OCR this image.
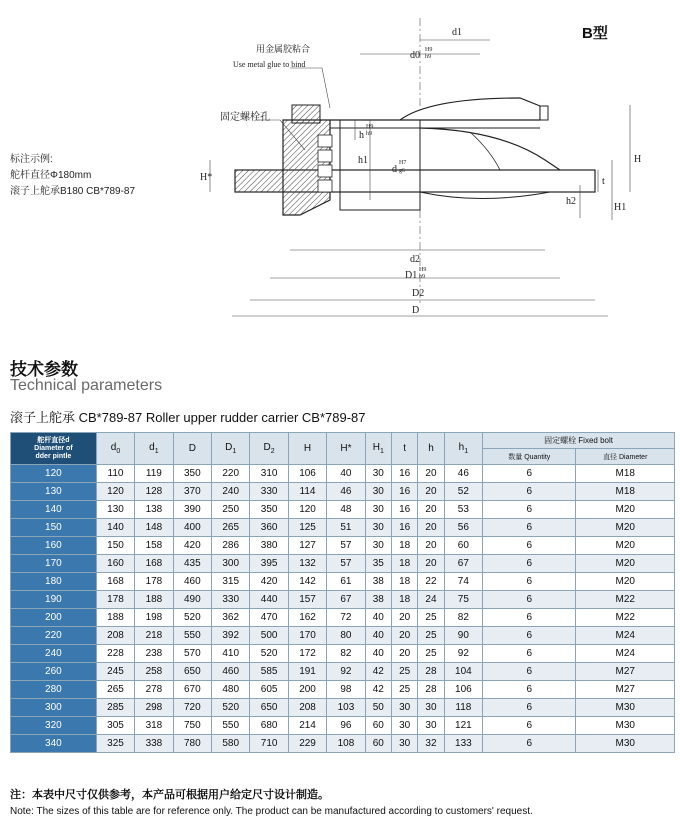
用金属胶粘合
Use metal glue to bind
固定螺栓孔
d1
d0 H9
h9
h
H9
h9
h1
d
H7
g6
H
H*	t
h2
H1
d2
D1 H9
h9
D2
D
B型
标注示例:
舵杆直径Φ180mm
滚子上舵承B180 CB*789-87
技术参数
Technical parameters
滚子上舵承 CB*789-87 Roller upper rudder carrier CB*789-87
舵杆直径d
Diameter of
dder pintle	$d_0$	$d_1$	D	$D_1$	$D_2$	H	H*	$H_1$	t	h	$h_1$	固定螺栓 Fixed bolt	
												数量 Quantity	直径 Diameter
120	110	119	350	220	310	106	40	30	16	20	46	6	M18
130	120	128	370	240	330	114	46	30	16	20	52	6	M18
140	130	138	390	250	350	120	48	30	16	20	53	6	M20
150	140	148	400	265	360	125	51	30	16	20	56	6	M20
160	150	158	420	286	380	127	57	30	18	20	60	6	M20
170	160	168	435	300	395	132	57	35	18	20	67	6	M20
180	168	178	460	315	420	142	61	38	18	22	74	6	M20
190	178	188	490	330	440	157	67	38	18	24	75	6	M22
200	188	198	520	362	470	162	72	40	20	25	82	6	M22
220	208	218	550	392	500	170	80	40	20	25	90	6	M24
240	228	238	570	410	520	172	82	40	20	25	92	6	M24
260	245	258	650	460	585	191	92	42	25	28	104	6	M27
280	265	278	670	480	605	200	98	42	25	28	106	6	M27
300	285	298	720	520	650	208	103	50	30	30	118	6	M30
320	305	318	750	550	680	214	96	60	30	30	121	6	M30
340	325	338	780	580	710	229	108	60	30	32	133	6	M30
注：本表中尺寸仅供参考，本产品可根据用户给定尺寸设计制造。
Note: The sizes of this table are for reference only. The product can be manufactured according to customers' request.
